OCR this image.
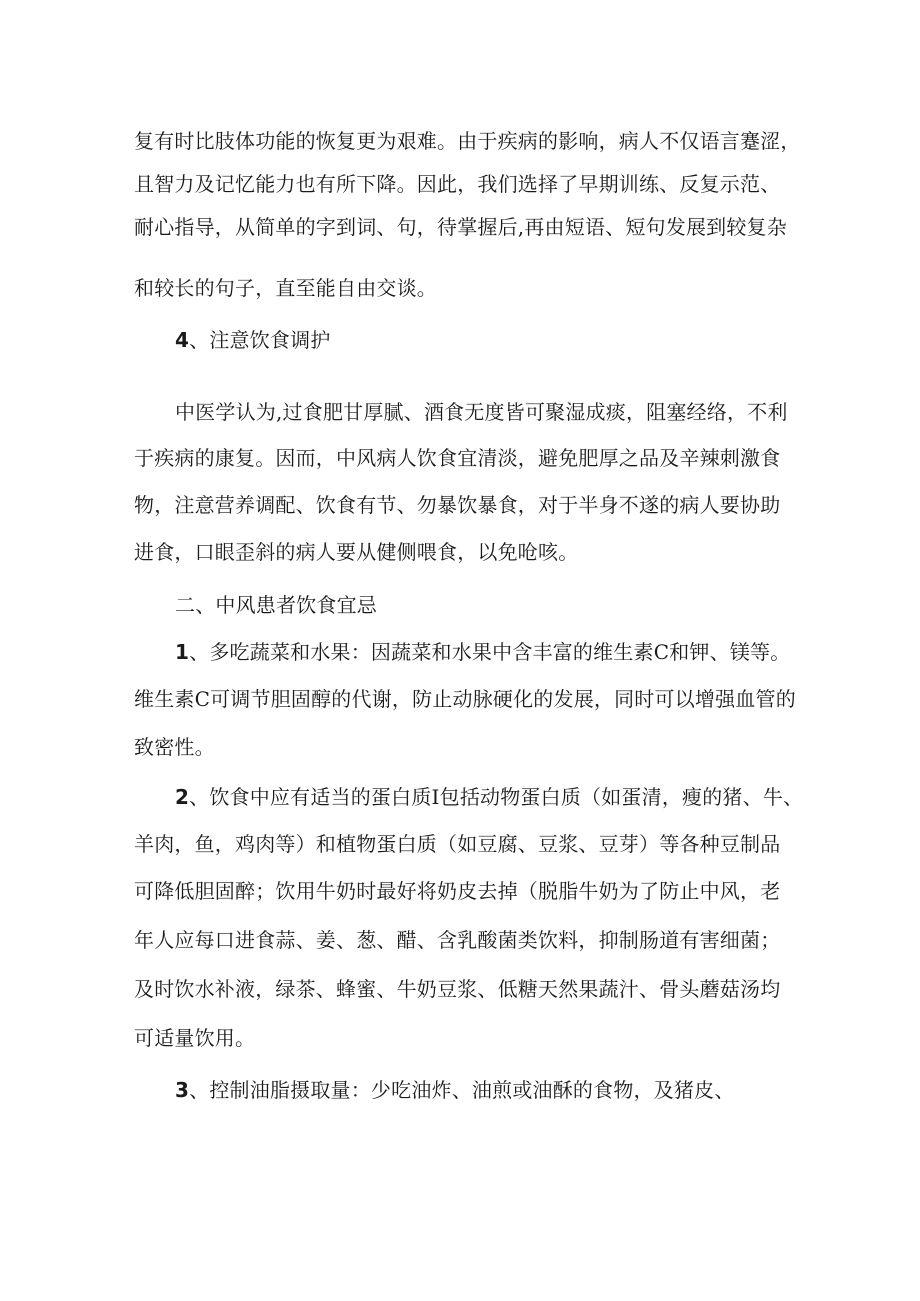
复有时比肢体功能的恢复更为艰难。由于疾病的影响，病人不仅语言蹇涩，
且智力及记忆能力也有所下降。因此，我们选择了早期训练、反复示范、
耐心指导，从简单的字到词、句，待掌握后,再由短语、短句发展到较复杂
和较长的句子，直至能自由交谈。
4、注意饮食调护
中医学认为,过食肥甘厚腻、酒食无度皆可聚湿成痰，阻塞经络，不利
于疾病的康复。因而，中风病人饮食宜清淡，避免肥厚之品及辛辣刺激食
物，注意营养调配、饮食有节、勿暴饮暴食，对于半身不遂的病人要协助
进食，口眼歪斜的病人要从健侧喂食，以免呛咳。
二、中风患者饮食宜忌
1、多吃蔬菜和水果：因蔬菜和水果中含丰富的维生素C和钾、镁等。
维生素C可调节胆固醇的代谢，防止动脉硬化的发展，同时可以增强血管的
致密性。
2、饮食中应有适当的蛋白质I包括动物蛋白质（如蛋清，瘦的猪、牛、
羊肉，鱼，鸡肉等）和植物蛋白质（如豆腐、豆浆、豆芽）等各种豆制品
可降低胆固醉；饮用牛奶时最好将奶皮去掉（脱脂牛奶为了防止中风，老
年人应每口进食蒜、姜、葱、醋、含乳酸菌类饮料，抑制肠道有害细菌；
及时饮水补液，绿茶、蜂蜜、牛奶豆浆、低糖天然果蔬汁、骨头蘑菇汤均
可适量饮用。
3、控制油脂摄取量：少吃油炸、油煎或油酥的食物，及猪皮、
